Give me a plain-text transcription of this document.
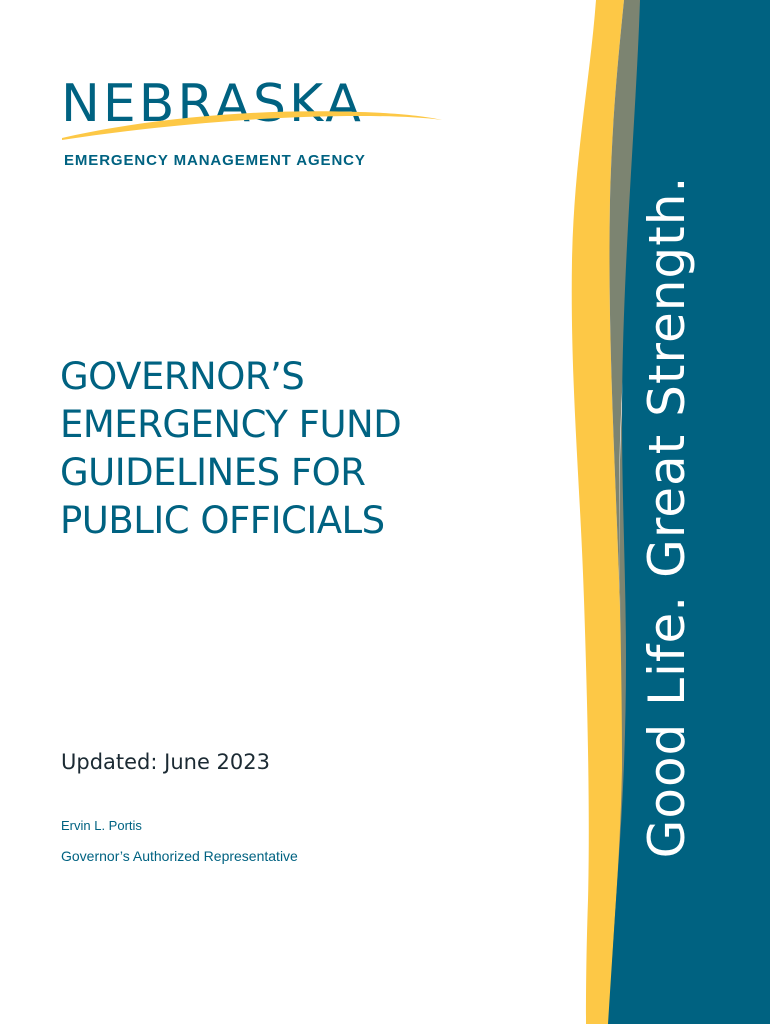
NEBRASKA
EMERGENCY MANAGEMENT AGENCY
GOVERNOR’S
EMERGENCY FUND
GUIDELINES FOR
PUBLIC OFFICIALS
Updated: June 2023
Ervin L. Portis
Governor’s Authorized Representative	Good Life. Great Strength.
